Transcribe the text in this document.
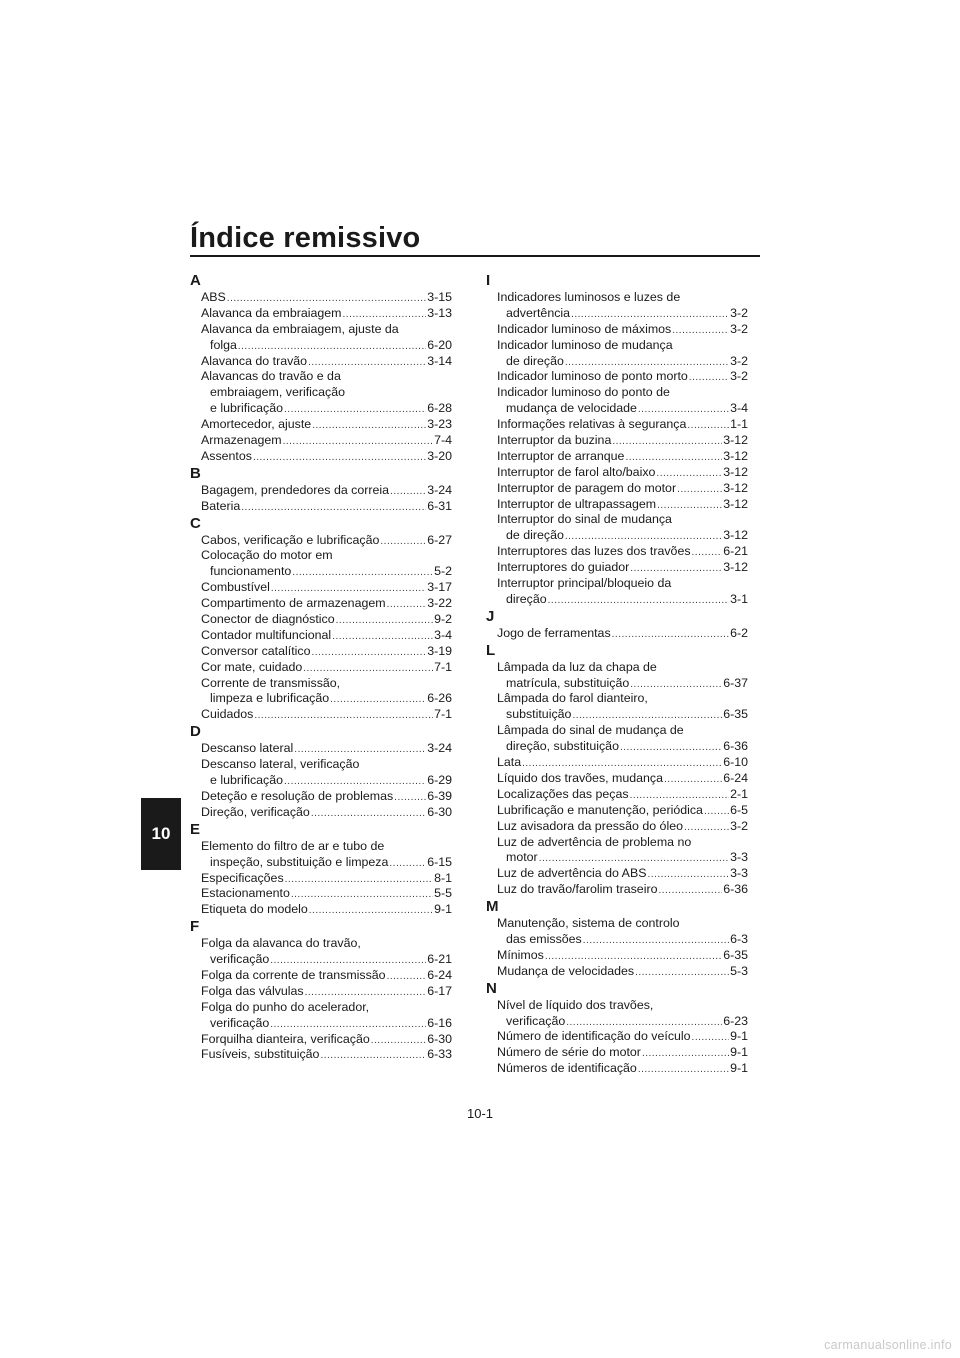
Índice remissivo
10
A
ABS .....	3-15
Alavanca da embraiagem .....	3-13
Alavanca da embraiagem, ajuste da
folga .....	6-20
Alavanca do travão .....	3-14
Alavancas do travão e da
embraiagem, verificação
e lubrificação .....	6-28
Amortecedor, ajuste .....	3-23
Armazenagem .....	7-4
Assentos .....	3-20
B
Bagagem, prendedores da correia .....	3-24
Bateria .....	6-31
C
Cabos, verificação e lubrificação .....	6-27
Colocação do motor em
funcionamento .....	5-2
Combustível .....	3-17
Compartimento de armazenagem .....	3-22
Conector de diagnóstico .....	9-2
Contador multifuncional .....	3-4
Conversor catalítico .....	3-19
Cor mate, cuidado .....	7-1
Corrente de transmissão,
limpeza e lubrificação .....	6-26
Cuidados .....	7-1
D
Descanso lateral .....	3-24
Descanso lateral, verificação
e lubrificação .....	6-29
Deteção e resolução de problemas .....	6-39
Direção, verificação .....	6-30
E
Elemento do filtro de ar e tubo de
inspeção, substituição e limpeza .....	6-15
Especificações .....	8-1
Estacionamento .....	5-5
Etiqueta do modelo .....	9-1
F
Folga da alavanca do travão,
verificação .....	6-21
Folga da corrente de transmissão .....	6-24
Folga das válvulas .....	6-17
Folga do punho do acelerador,
verificação .....	6-16
Forquilha dianteira, verificação .....	6-30
Fusíveis, substituição .....	6-33
I
Indicadores luminosos e luzes de
advertência .....	3-2
Indicador luminoso de máximos .....	3-2
Indicador luminoso de mudança
de direção .....	3-2
Indicador luminoso de ponto morto .....	3-2
Indicador luminoso do ponto de
mudança de velocidade .....	3-4
Informações relativas à segurança .....	1-1
Interruptor da buzina .....	3-12
Interruptor de arranque .....	3-12
Interruptor de farol alto/baixo .....	3-12
Interruptor de paragem do motor .....	3-12
Interruptor de ultrapassagem .....	3-12
Interruptor do sinal de mudança
de direção .....	3-12
Interruptores das luzes dos travões .....	6-21
Interruptores do guiador .....	3-12
Interruptor principal/bloqueio da
direção .....	3-1
J
Jogo de ferramentas .....	6-2
L
Lâmpada da luz da chapa de
matrícula, substituição .....	6-37
Lâmpada do farol dianteiro,
substituição .....	6-35
Lâmpada do sinal de mudança de
direção, substituição .....	6-36
Lata .....	6-10
Líquido dos travões, mudança .....	6-24
Localizações das peças .....	2-1
Lubrificação e manutenção, periódica ..... 6-5
Luz avisadora da pressão do óleo .....	3-2
Luz de advertência de problema no
motor .....	3-3
Luz de advertência do ABS .....	3-3
Luz do travão/farolim traseiro .....	6-36
M
Manutenção, sistema de controlo
das emissões .....	6-3
Mínimos .....	6-35
Mudança de velocidades .....	5-3
N
Nível de líquido dos travões,
verificação .....	6-23
Número de identificação do veículo .....	9-1
Número de série do motor .....	9-1
Números de identificação .....	9-1
10-1
carmanualsonline.info
